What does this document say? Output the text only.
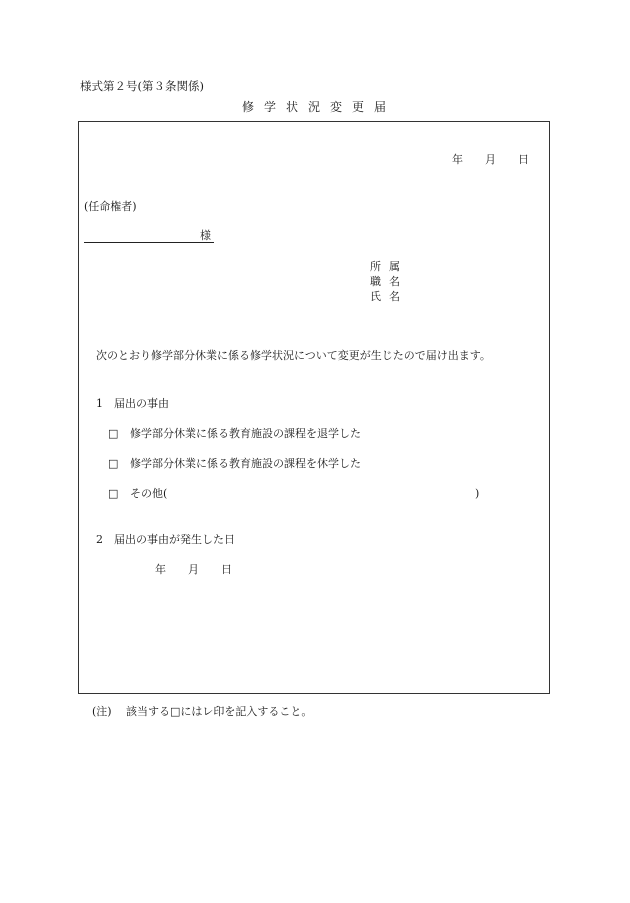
様式第２号(第３条関係)
修学状況変更届
年 月 日
(任命権者)
様
所 属
職 名
氏 名
次のとおり修学部分休業に係る修学状況について変更が生じたので届け出ます。
1　届出の事由
□ 修学部分休業に係る教育施設の課程を退学した
□ 修学部分休業に係る教育施設の課程を休学した
□ その他(	)
2　届出の事由が発生した日
年 月 日
(注) 該当する□にはレ印を記入すること。
